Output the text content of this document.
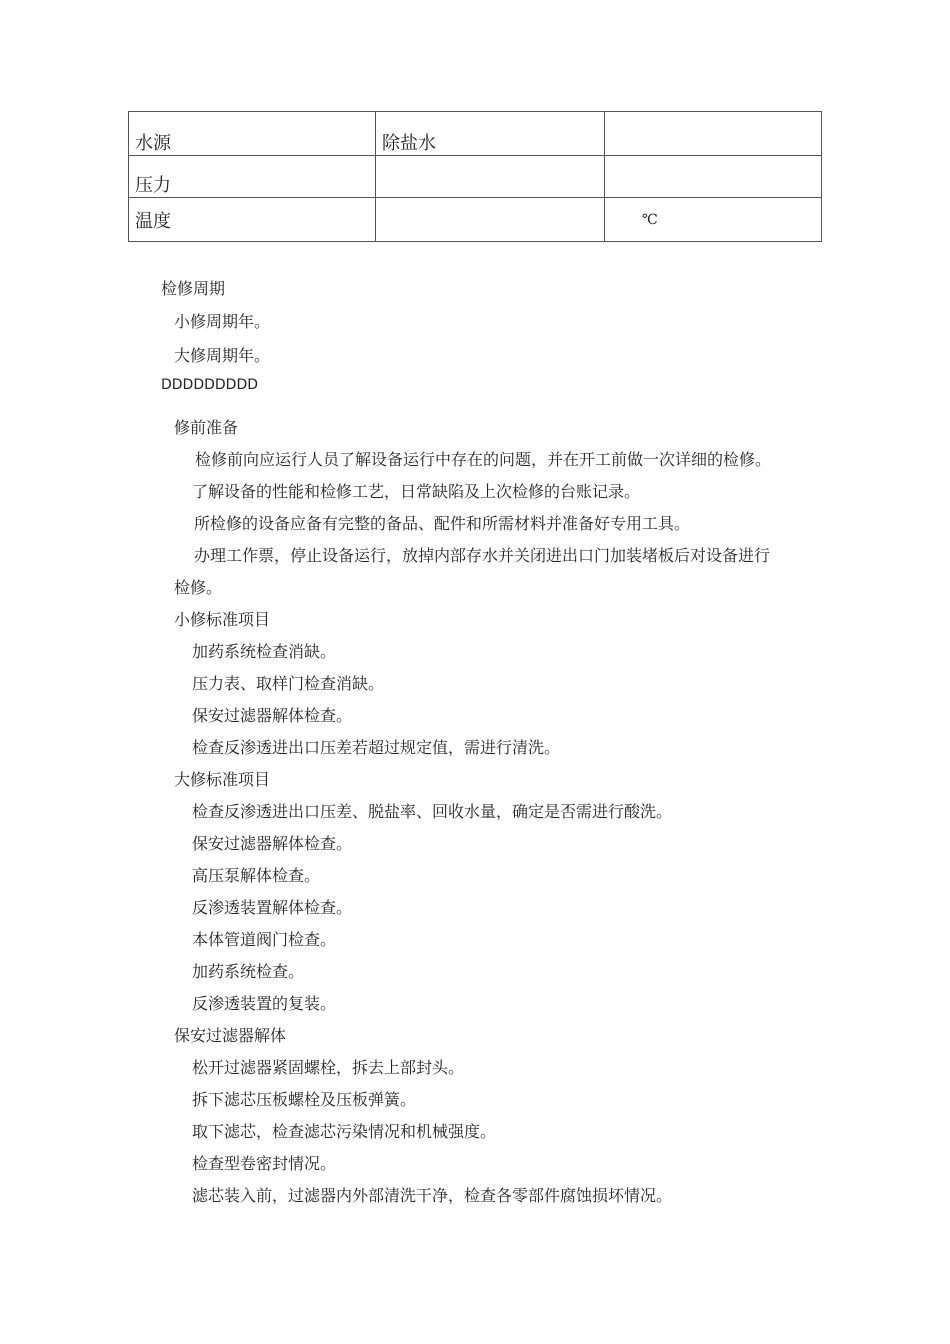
水源	除盐水	
压力		
温度		℃
检修周期
小修周期年。
大修周期年。
DDDDDDDDD
修前准备
检修前向应运行人员了解设备运行中存在的问题，并在开工前做一次详细的检修。
了解设备的性能和检修工艺，日常缺陷及上次检修的台账记录。
所检修的设备应备有完整的备品、配件和所需材料并准备好专用工具。
办理工作票，停止设备运行，放掉内部存水并关闭进出口门加装堵板后对设备进行
检修。
小修标准项目
加药系统检查消缺。
压力表、取样门检查消缺。
保安过滤器解体检查。
检查反渗透进出口压差若超过规定值，需进行清洗。
大修标准项目
检查反渗透进出口压差、脱盐率、回收水量，确定是否需进行酸洗。
保安过滤器解体检查。
高压泵解体检查。
反渗透装置解体检查。
本体管道阀门检查。
加药系统检查。
反渗透装置的复装。
保安过滤器解体
松开过滤器紧固螺栓，拆去上部封头。
拆下滤芯压板螺栓及压板弹簧。
取下滤芯，检查滤芯污染情况和机械强度。
检查型卷密封情况。
滤芯装入前，过滤器内外部清洗干净，检查各零部件腐蚀损坏情况。
